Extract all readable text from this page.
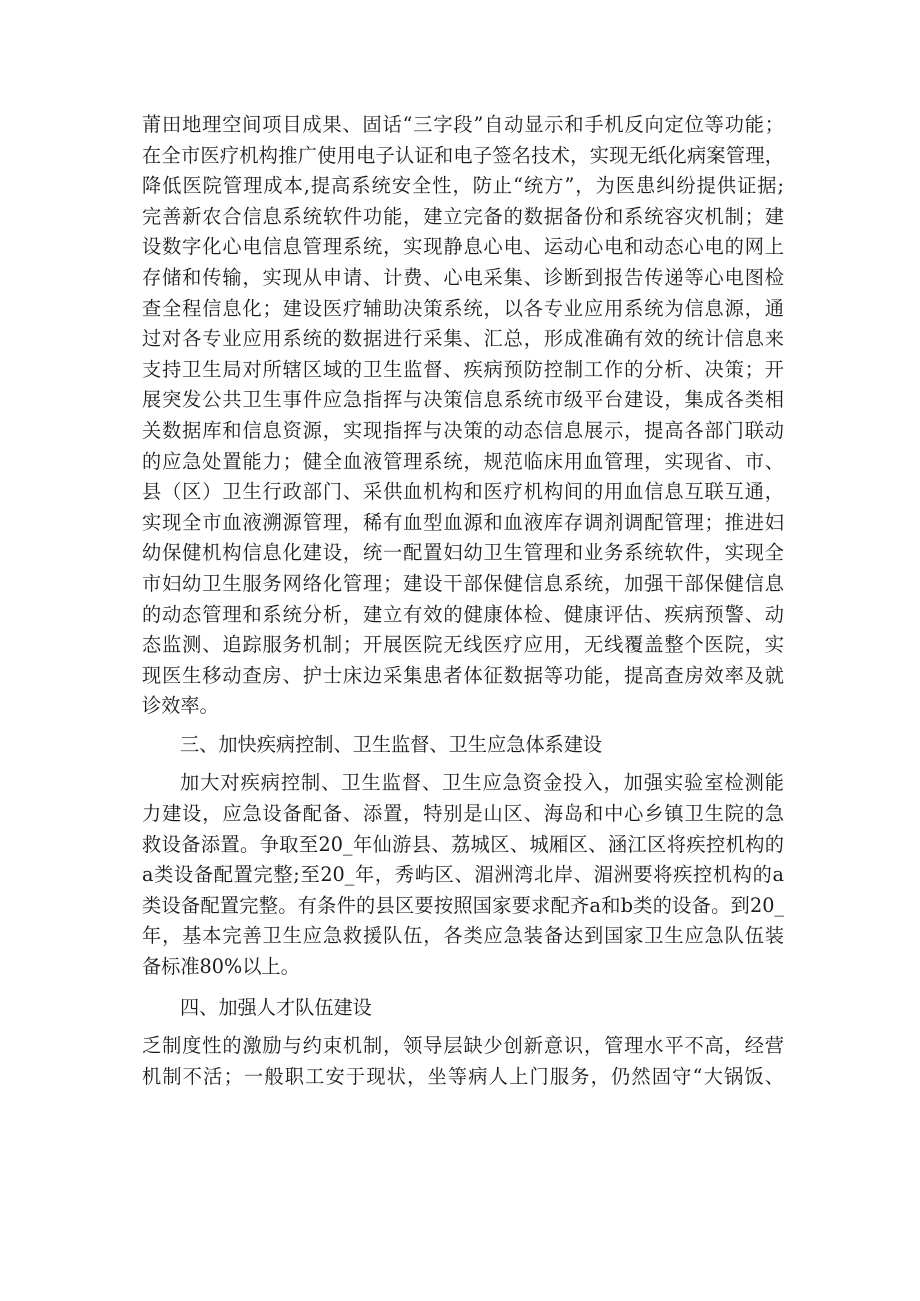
莆田地理空间项目成果、固话“三字段”自动显示和手机反向定位等功能；
在全市医疗机构推广使用电子认证和电子签名技术，实现无纸化病案管理，
降低医院管理成本,提高系统安全性，防止“统方”，为医患纠纷提供证据;
完善新农合信息系统软件功能，建立完备的数据备份和系统容灾机制；建
设数字化心电信息管理系统，实现静息心电、运动心电和动态心电的网上
存储和传输，实现从申请、计费、心电采集、诊断到报告传递等心电图检
查全程信息化；建设医疗辅助决策系统，以各专业应用系统为信息源，通
过对各专业应用系统的数据进行采集、汇总，形成准确有效的统计信息来
支持卫生局对所辖区域的卫生监督、疾病预防控制工作的分析、决策；开
展突发公共卫生事件应急指挥与决策信息系统市级平台建设，集成各类相
关数据库和信息资源，实现指挥与决策的动态信息展示，提高各部门联动
的应急处置能力；健全血液管理系统，规范临床用血管理，实现省、市、
县（区）卫生行政部门、采供血机构和医疗机构间的用血信息互联互通，
实现全市血液溯源管理，稀有血型血源和血液库存调剂调配管理；推进妇
幼保健机构信息化建设，统一配置妇幼卫生管理和业务系统软件，实现全
市妇幼卫生服务网络化管理；建设干部保健信息系统，加强干部保健信息
的动态管理和系统分析，建立有效的健康体检、健康评估、疾病预警、动
态监测、追踪服务机制；开展医院无线医疗应用，无线覆盖整个医院，实
现医生移动查房、护士床边采集患者体征数据等功能，提高查房效率及就
诊效率。
三、加快疾病控制、卫生监督、卫生应急体系建设
加大对疾病控制、卫生监督、卫生应急资金投入，加强实验室检测能
力建设，应急设备配备、添置，特别是山区、海岛和中心乡镇卫生院的急
救设备添置。争取至20_年仙游县、荔城区、城厢区、涵江区将疾控机构的
a类设备配置完整;至20_年，秀屿区、湄洲湾北岸、湄洲要将疾控机构的a
类设备配置完整。有条件的县区要按照国家要求配齐a和b类的设备。到20_
年，基本完善卫生应急救援队伍，各类应急装备达到国家卫生应急队伍装
备标准80%以上。
四、加强人才队伍建设
乏制度性的激励与约束机制，领导层缺少创新意识，管理水平不高，经营
机制不活；一般职工安于现状，坐等病人上门服务，仍然固守“大锅饭、
